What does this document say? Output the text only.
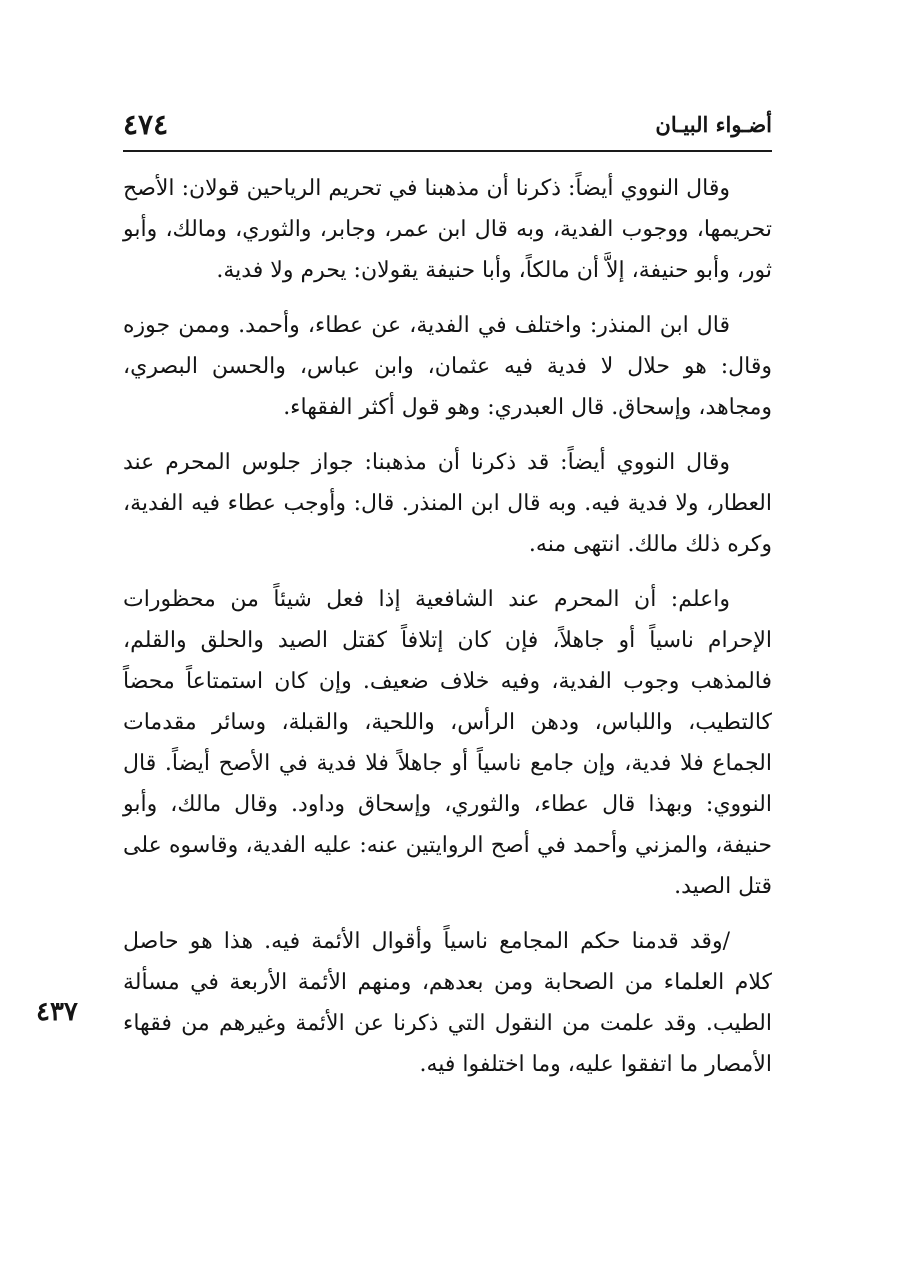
أضـواء البيـان
٤٧٤

وقال النووي أيضاً: ذكرنا أن مذهبنا في تحريم الرياحين قولان: الأصح تحريمها، ووجوب الفدية، وبه قال ابن عمر، وجابر، والثوري، ومالك، وأبو ثور، وأبو حنيفة، إلاَّ أن مالكاً، وأبا حنيفة يقولان: يحرم ولا فدية.

قال ابن المنذر: واختلف في الفدية، عن عطاء، وأحمد. وممن جوزه وقال: هو حلال لا فدية فيه عثمان، وابن عباس، والحسن البصري، ومجاهد، وإسحاق. قال العبدري: وهو قول أكثر الفقهاء.

وقال النووي أيضاً: قد ذكرنا أن مذهبنا: جواز جلوس المحرم عند العطار، ولا فدية فيه. وبه قال ابن المنذر. قال: وأوجب عطاء فيه الفدية، وكره ذلك مالك. انتهى منه.

واعلم: أن المحرم عند الشافعية إذا فعل شيئاً من محظورات الإحرام ناسياً أو جاهلاً، فإن كان إتلافاً كقتل الصيد والحلق والقلم، فالمذهب وجوب الفدية، وفيه خلاف ضعيف. وإن كان استمتاعاً محضاً كالتطيب، واللباس، ودهن الرأس، واللحية، والقبلة، وسائر مقدمات الجماع فلا فدية، وإن جامع ناسياً أو جاهلاً فلا فدية في الأصح أيضاً. قال النووي: وبهذا قال عطاء، والثوري، وإسحاق وداود. وقال مالك، وأبو حنيفة، والمزني وأحمد في أصح الروايتين عنه: عليه الفدية، وقاسوه على قتل الصيد.

/وقد قدمنا حكم المجامع ناسياً وأقوال الأئمة فيه. هذا هو حاصل كلام العلماء من الصحابة ومن بعدهم، ومنهم الأئمة الأربعة في مسألة الطيب. وقد علمت من النقول التي ذكرنا عن الأئمة وغيرهم من فقهاء الأمصار ما اتفقوا عليه، وما اختلفوا فيه.

٤٣٧
